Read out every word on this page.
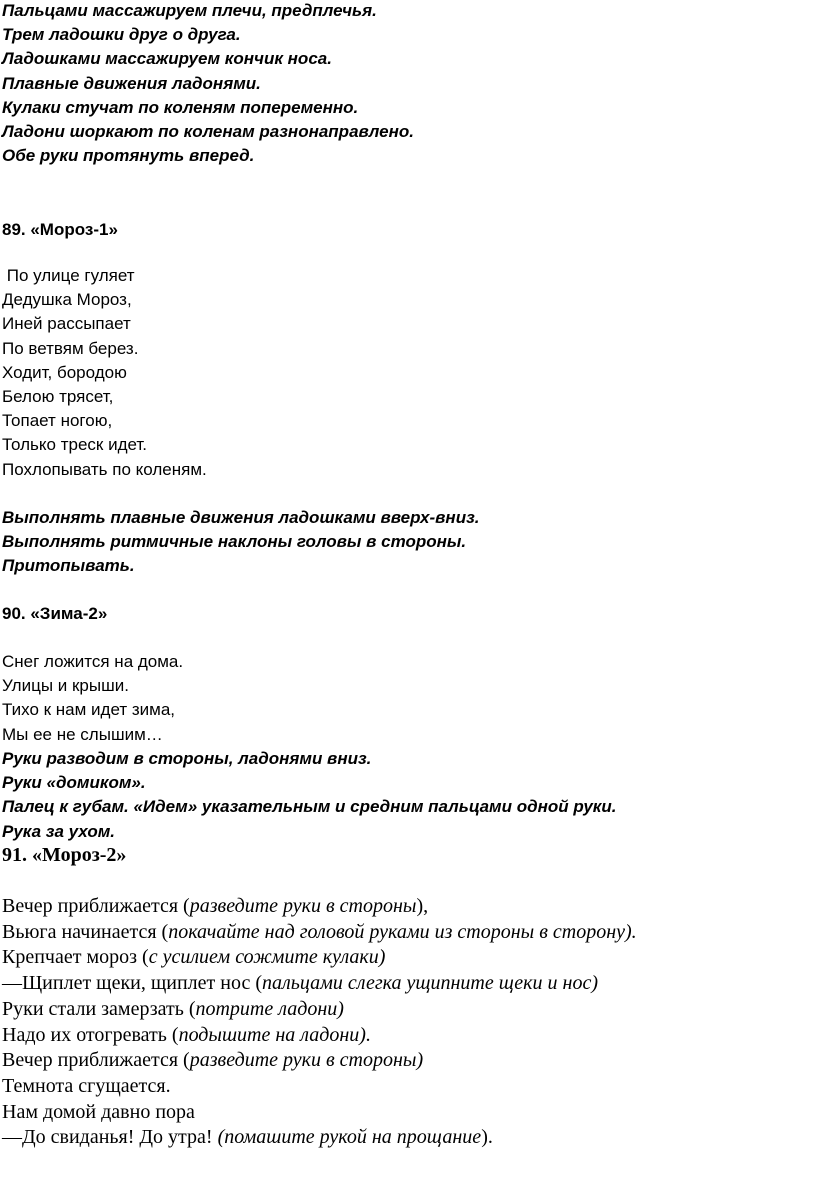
Пальцами массажируем плечи, предплечья.
Трем ладошки друг о друга.
Ладошками массажируем кончик носа.
Плавные движения ладонями.
Кулаки стучат по коленям попеременно.
Ладони шоркают по коленам разнонаправлено.
Обе руки протянуть вперед.
89. «Мороз-1»
По улице гуляет
Дедушка Мороз,
Иней рассыпает
По ветвям берез.
Ходит, бородою
Белою трясет,
Топает ногою,
Только треск идет.
Похлопывать по коленям.
Выполнять плавные движения ладошками вверх-вниз.
Выполнять ритмичные наклоны головы в стороны.
Притопывать.
90. «Зима-2»
Снег ложится на дома.
Улицы и крыши.
Тихо к нам идет зима,
Мы ее не слышим…
Руки разводим в стороны, ладонями вниз.
Руки «домиком».
Палец к губам. «Идем» указательным и средним пальцами одной руки.
Рука за ухом.
91. «Мороз-2»
Вечер приближается (разведите руки в стороны),
Вьюга начинается (покачайте над головой руками из стороны в сторону).
Крепчает мороз (с усилием сожмите кулаки)
—Щиплет щеки, щиплет нос (пальцами слегка ущипните щеки и нос)
Руки стали замерзать (потрите ладони)
Надо их отогревать (подышите на ладони).
Вечер приближается (разведите руки в стороны)
Темнота сгущается.
Нам домой давно пора
—До свиданья! До утра! (помашите рукой на прощание).
